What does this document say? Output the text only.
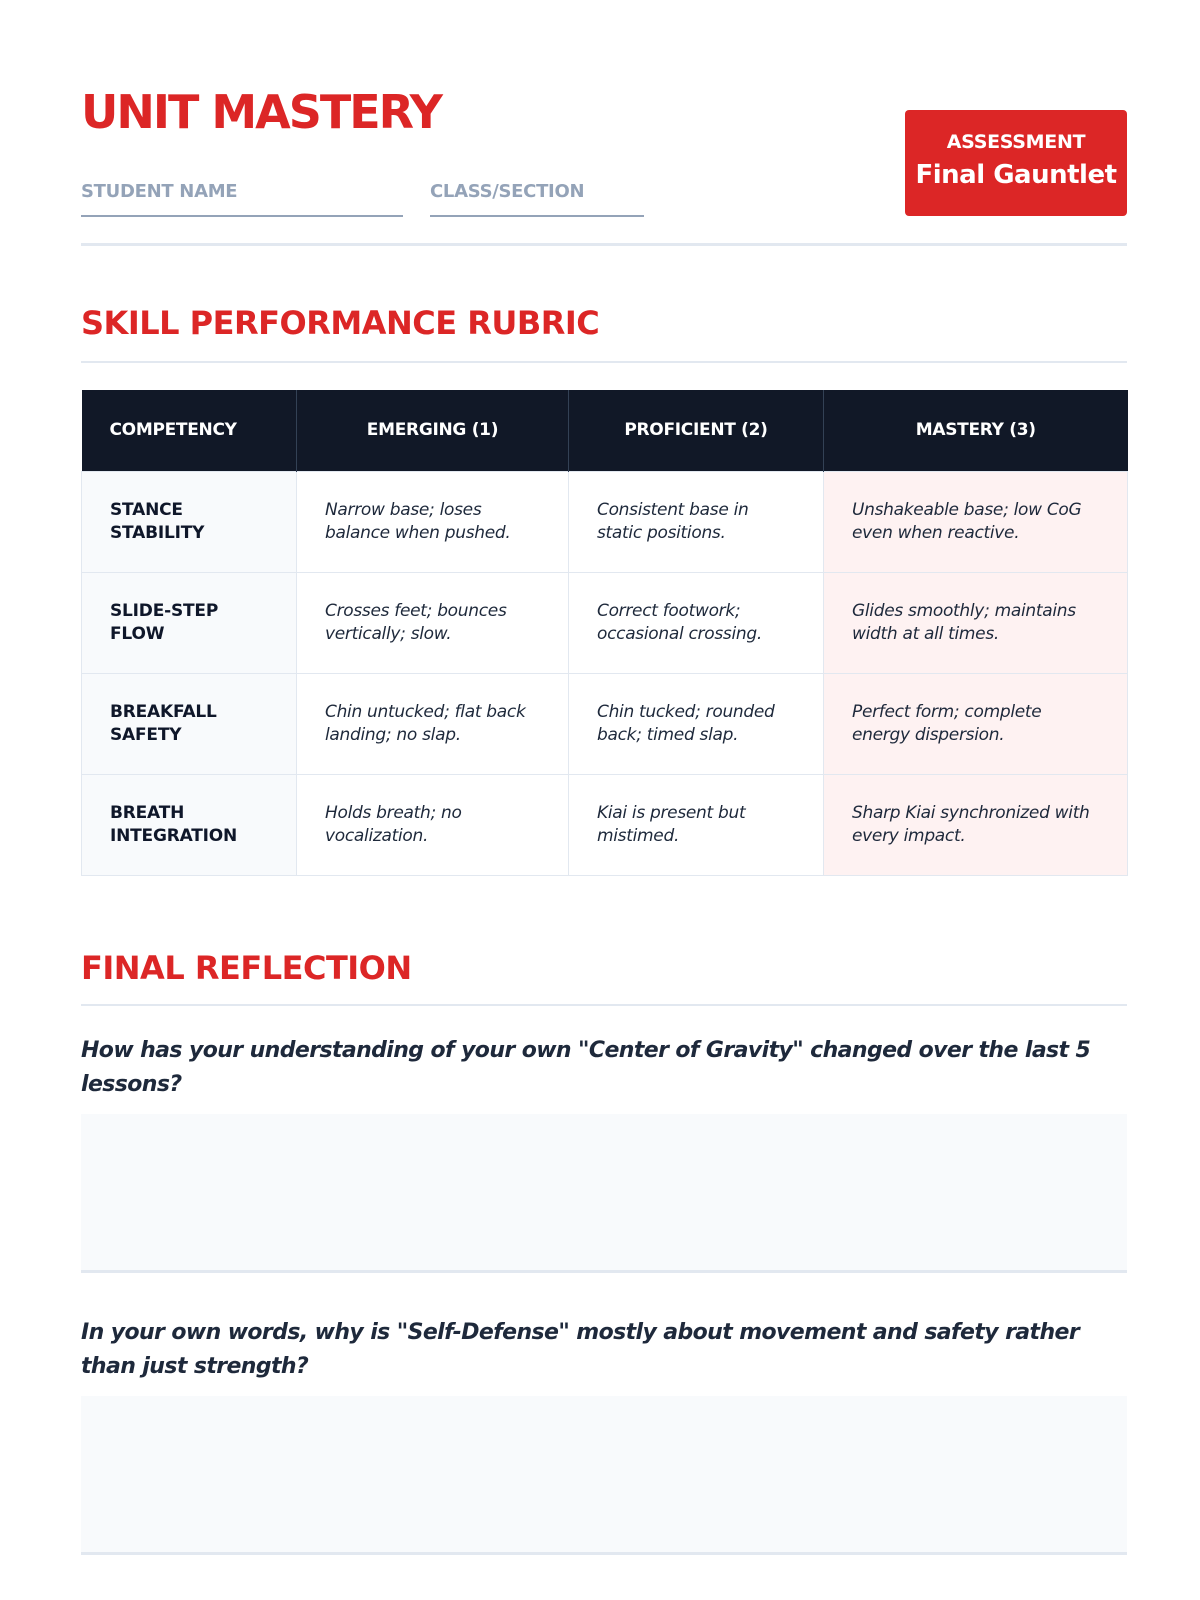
UNIT MASTERY
STUDENT NAME	CLASS/SECTION
ASSESSMENT
Final Gauntlet
SKILL PERFORMANCE RUBRIC
COMPETENCY	EMERGING (1)	PROFICIENT (2)	MASTERY (3)
STANCE STABILITY	Narrow base; loses balance when pushed.	Consistent base in static positions.	Unshakeable base; low CoG even when reactive.
SLIDE-STEP FLOW	Crosses feet; bounces vertically; slow.	Correct footwork; occasional crossing.	Glides smoothly; maintains width at all times.
BREAKFALL SAFETY	Chin untucked; flat back landing; no slap.	Chin tucked; rounded back; timed slap.	Perfect form; complete energy dispersion.
BREATH INTEGRATION	Holds breath; no vocalization.	Kiai is present but mistimed.	Sharp Kiai synchronized with every impact.
FINAL REFLECTION
How has your understanding of your own "Center of Gravity" changed over the last 5 lessons?
In your own words, why is "Self-Defense" mostly about movement and safety rather than just strength?
